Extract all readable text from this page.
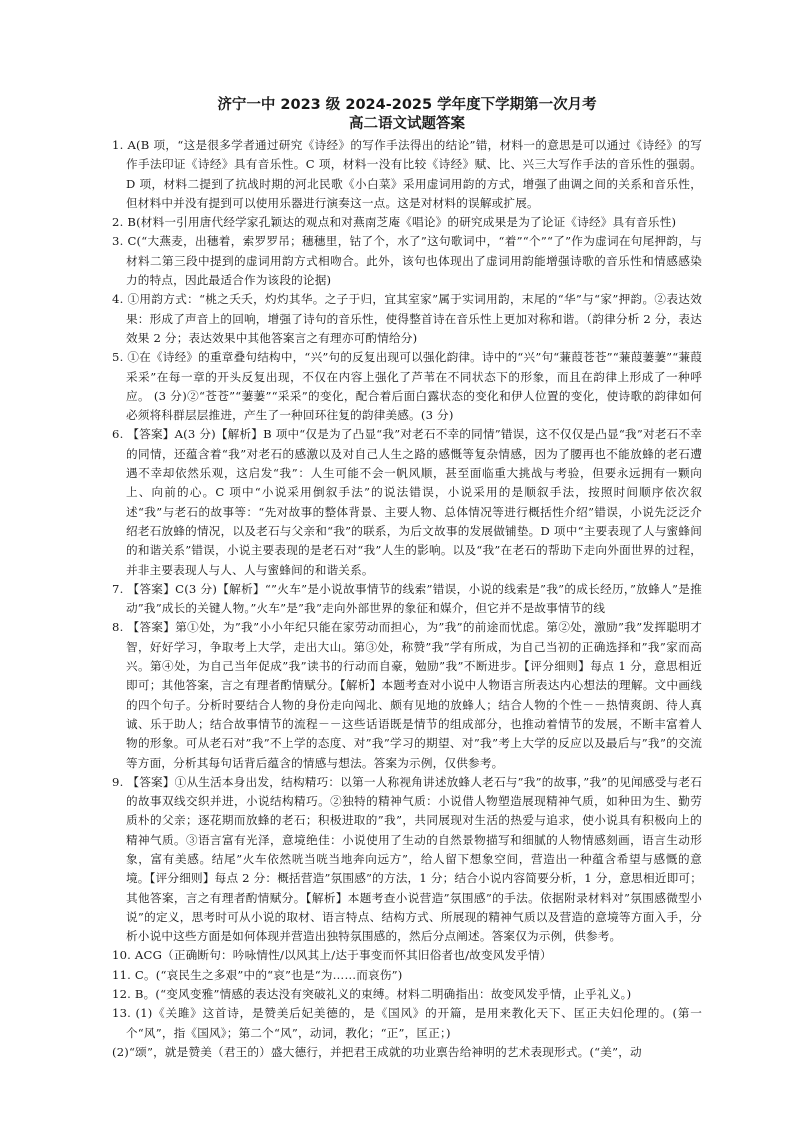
济宁一中 2023 级 2024-2025 学年度下学期第一次月考
高二语文试题答案

1. A(B 项，“这是很多学者通过研究《诗经》的写作手法得出的结论”错，材料一的意思是可以通过《诗经》的写作手法印证《诗经》具有音乐性。C 项，材料一没有比较《诗经》赋、比、兴三大写作手法的音乐性的强弱。D 项，材料二提到了抗战时期的河北民歌《小白菜》采用虚词用韵的方式，增强了曲调之间的关系和音乐性，但材料中并没有提到可以使用乐器进行演奏这一点。这是对材料的误解或扩展。

2. B(材料一引用唐代经学家孔颖达的观点和对燕南芝庵《唱论》的研究成果是为了论证《诗经》具有音乐性)

3. C(“大燕麦，出穗着，索罗罗吊；穗穗里，钴了个，水了”这句歌词中，“着”“个”“了”作为虚词在句尾押韵，与材料二第三段中提到的虚词用韵方式相吻合。此外，该句也体现出了虚词用韵能增强诗歌的音乐性和情感感染力的特点，因此最适合作为该段的论据)

4. ①用韵方式：“桃之夭夭，灼灼其华。之子于归，宜其室家”属于实词用韵，末尾的“华”与“家”押韵。②表达效果：形成了声音上的回响，增强了诗句的音乐性，使得整首诗在音乐性上更加对称和谐。（韵律分析 2 分，表达效果 2 分；表达效果中其他答案言之有理亦可酌情给分)

5. ①在《诗经》的重章叠句结构中，“兴”句的反复出现可以强化韵律。诗中的“兴”句“蒹葭苍苍”“蒹葭萋萋”“蒹葭采采”在每一章的开头反复出现，不仅在内容上强化了芦苇在不同状态下的形象，而且在韵律上形成了一种呼应。 (3 分)②“苍苍”“萋萋”“采采”的变化，配合着后面白露状态的变化和伊人位置的变化，使诗歌的韵律如何必须将科群层层推进，产生了一种回环往复的韵律美感。(3 分)

6. 【答案】A(3 分)【解析】B 项中“仅是为了凸显“我”对老石不幸的同情”错误，这不仅仅是凸显“我”对老石不幸的同情，还蕴含着“我”对老石的感激以及对自己人生之路的感慨等复杂情感，因为了腰再也不能放蜂的老石遭遇不幸却依然乐观，这启发“我”：人生可能不会一帆风顺，甚至面临重大挑战与考验，但要永远拥有一颗向上、向前的心。C 项中“小说采用倒叙手法”的说法错误，小说采用的是顺叙手法，按照时间顺序依次叙述“我”与老石的故事等：“先对故事的整体背景、主要人物、总体情况等进行概括性介绍”错误，小说先泛泛介绍老石放蜂的情况，以及老石与父亲和“我”的联系，为后文故事的发展做铺垫。D 项中“主要表现了人与蜜蜂间的和谐关系”错误，小说主要表现的是老石对“我”人生的影响。以及“我”在老石的帮助下走向外面世界的过程，并非主要表现人与人、人与蜜蜂间的和谐关系。

7. 【答案】C(3 分)【解析】“”火车”是小说故事情节的线索”错误，小说的线索是”我”的成长经历，”放蜂人”是推动”我”成长的关键人物。”火车”是”我”走向外部世界的象征和媒介，但它并不是故事情节的线

8. 【答案】第①处，为”我”小小年纪只能在家劳动而担心，为”我”的前途而忧虑。第②处，激励”我”发挥聪明才智，好好学习，争取考上大学，走出大山。第③处，称赞”我”学有所成，为自己当初的正确选择和”我”家而高兴。第④处，为自己当年促成”我”读书的行动而自豪，勉励”我”不断进步。【评分细则】每点 1 分，意思相近即可；其他答案，言之有理者酌情赋分。【解析】本题考查对小说中人物语言所表达内心想法的理解。文中画线的四个句子。分析时要结合人物的身份走向闯北、颇有见地的放蜂人；结合人物的个性－－热情爽朗、待人真诚、乐于助人；结合故事情节的流程－－这些话语既是情节的组成部分，也推动着情节的发展，不断丰富着人物的形象。可从老石对”我”不上学的态度、对”我”学习的期望、对”我”考上大学的反应以及最后与”我”的交流等方面，分析其每句话背后蕴含的情感与想法。答案为示例，仅供参考。

9. 【答案】①从生活本身出发，结构精巧：以第一人称视角讲述放蜂人老石与”我”的故事，”我”的见闻感受与老石的故事双线交织并进，小说结构精巧。②独特的精神气质：小说借人物塑造展现精神气质，如种田为生、勤劳质朴的父亲；逐花期而放蜂的老石；积极进取的”我”，共同展现对生活的热爱与追求，使小说具有积极向上的精神气质。③语言富有光泽，意境绝佳：小说使用了生动的自然景物描写和细腻的人物情感刻画，语言生动形象，富有美感。结尾”火车依然咣当咣当地奔向远方”，给人留下想象空间，营造出一种蕴含希望与感慨的意境。【评分细则】每点 2 分：概括营造”氛围感”的方法，1 分；结合小说内容简要分析，1 分，意思相近即可；其他答案，言之有理者酌情赋分。【解析】本题考查小说营造”氛围感”的手法。依据附录材料对”氛围感微型小说”的定义，思考时可从小说的取材、语言特点、结构方式、所展现的精神气质以及营造的意境等方面入手，分析小说中这些方面是如何体现并营造出独特氛围感的，然后分点阐述。答案仅为示例，供参考。

10. ACG（正确断句：吟咏情性/以风其上/达于事变而怀其旧俗者也/故变风发乎情）

11. C。(“哀民生之多艰”中的“哀”也是“为……而哀伤”)

12. B。(“变风变雅”情感的表达没有突破礼义的束缚。材料二明确指出：故变风发乎情，止乎礼义。)

13. (1)《关雎》这首诗，是赞美后妃美德的，是《国风》的开篇，是用来教化天下、匡正夫妇伦理的。(第一个“风”，指《国风》；第二个“风”，动词，教化；“正”，匡正；)

(2)“颂”，就是赞美（君王的）盛大德行，并把君王成就的功业禀告给神明的艺术表现形式。(“美”，动
